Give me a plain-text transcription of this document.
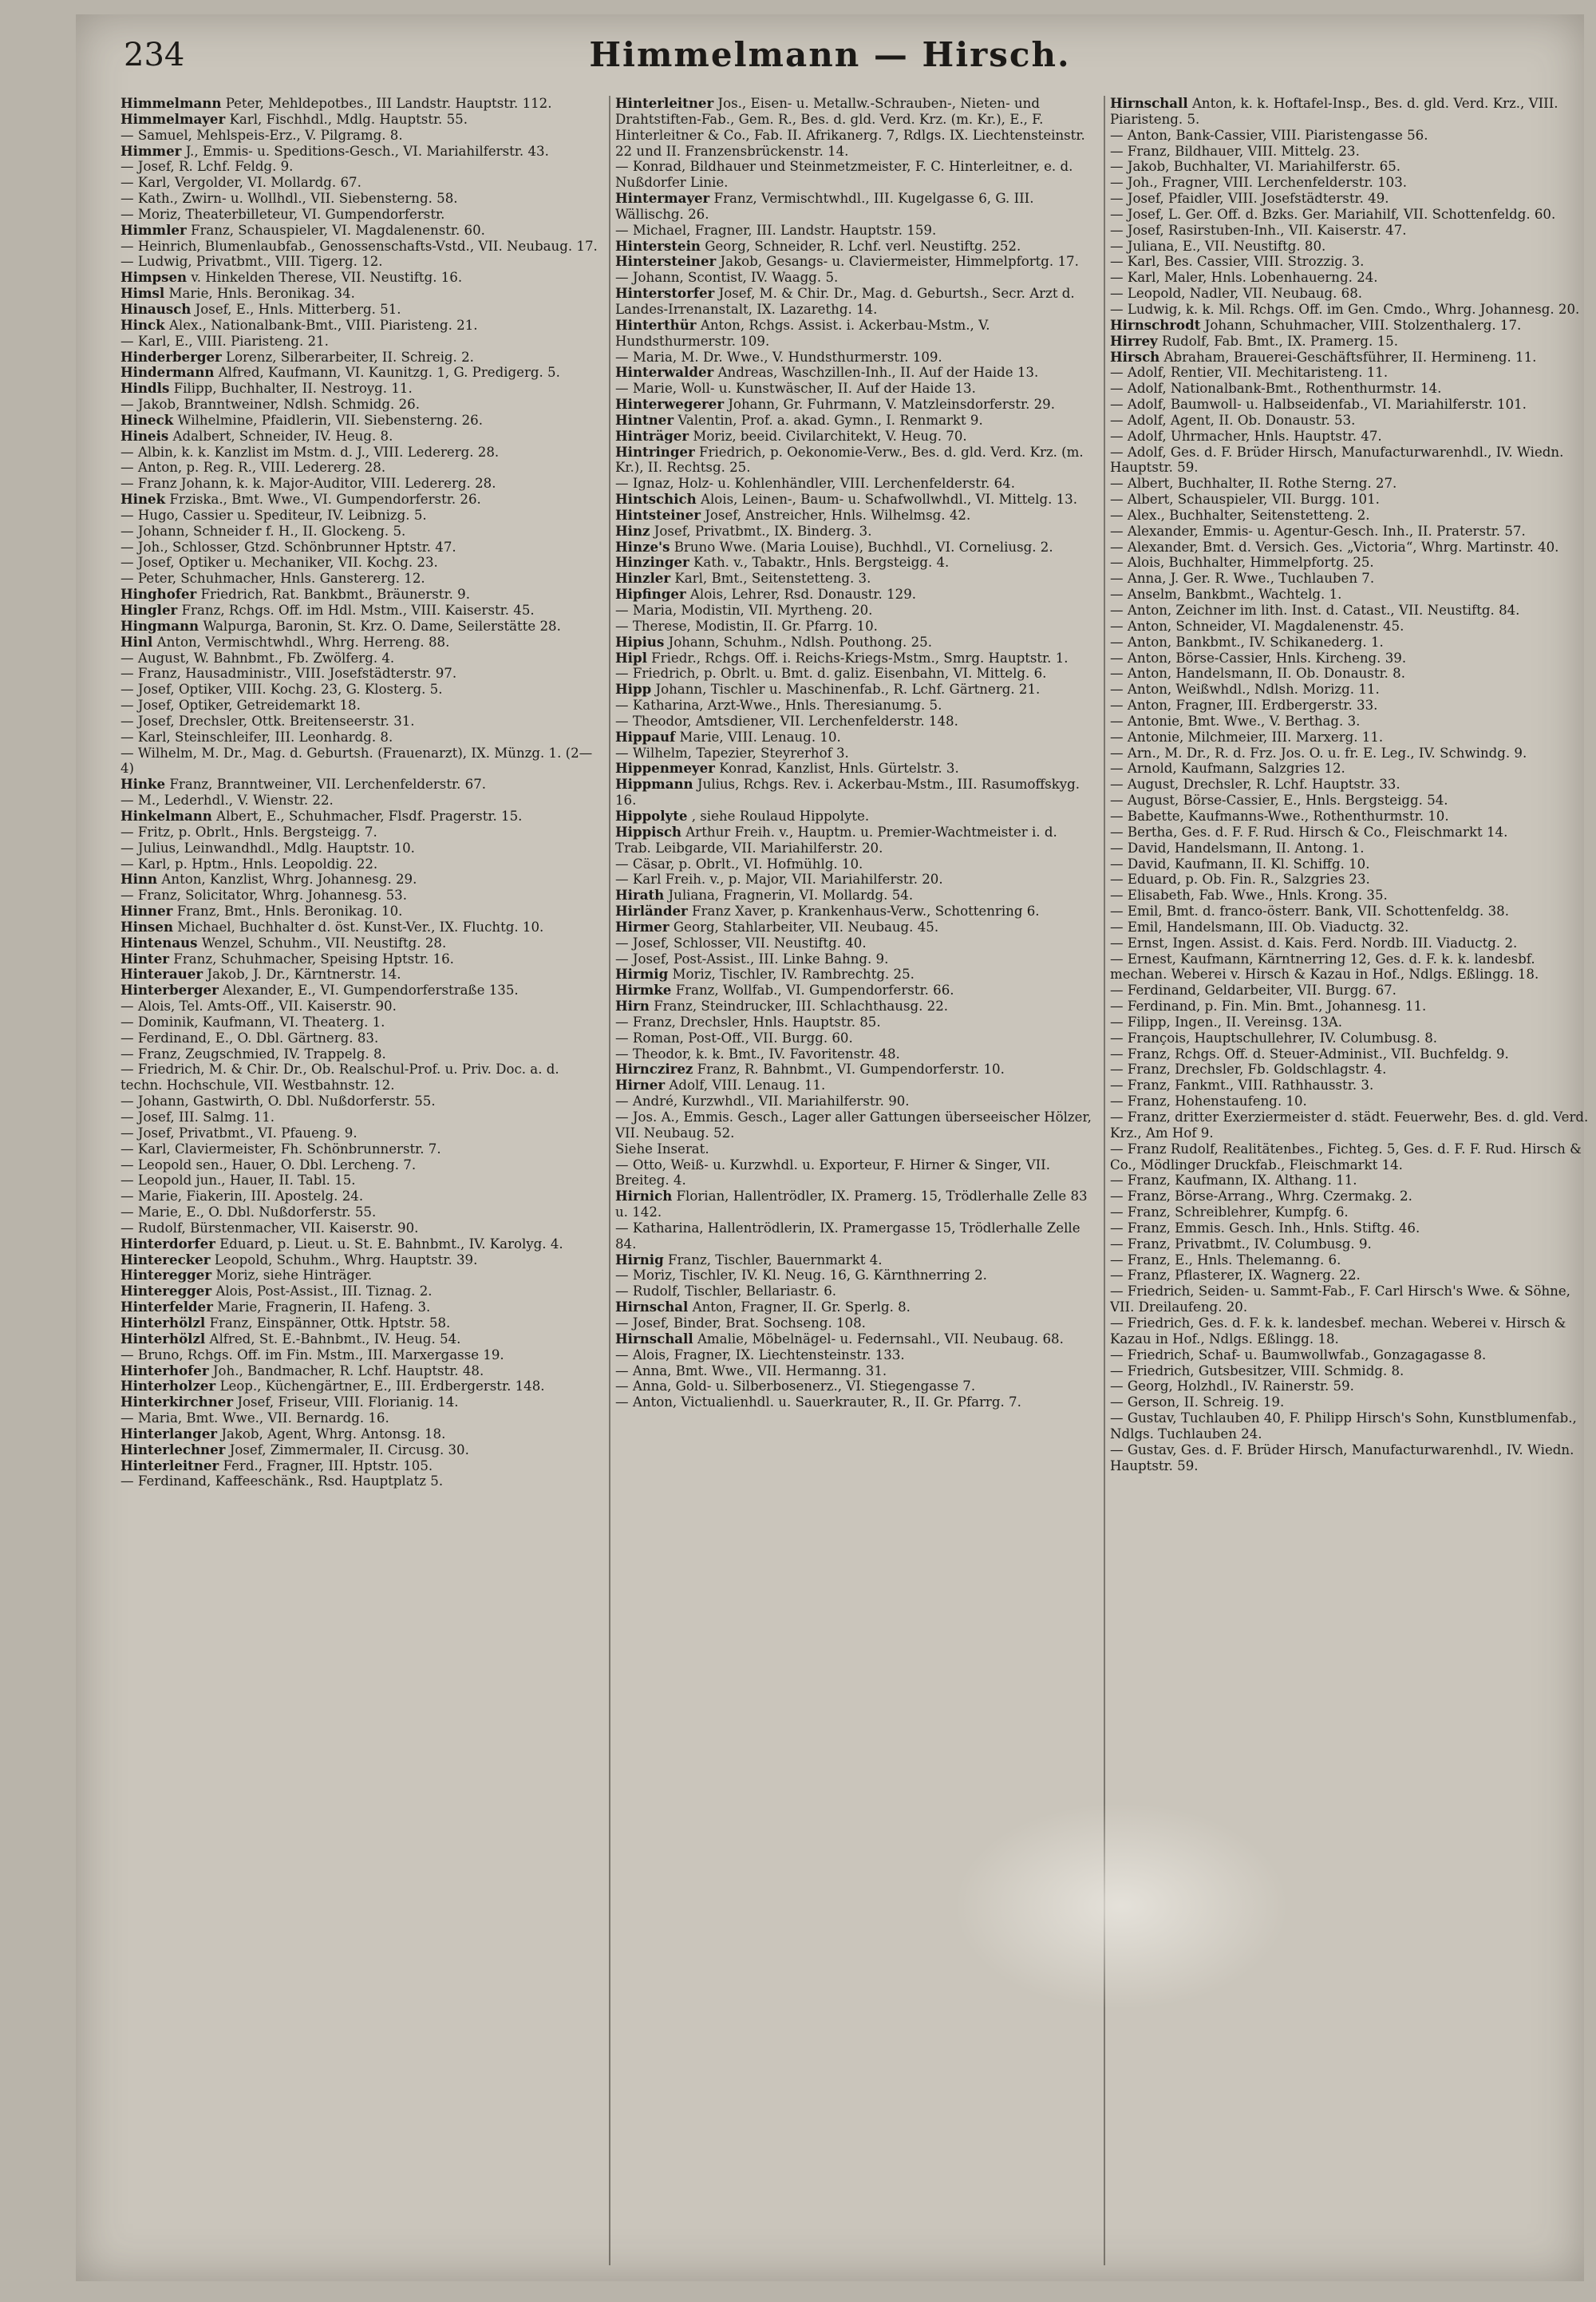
234	Himmelmann — Hirsch.

Himmelmann Peter, Mehldepotbes., III Landstr. Hauptstr. 112.

Himmelmayer Karl, Fischhdl., Mdlg. Hauptstr. 55.

— Samuel, Mehlspeis-Erz., V. Pilgramg. 8.

Himmer J., Emmis- u. Speditions-Gesch., VI. Mariahilferstr. 43.

— Josef, R. Lchf. Feldg. 9.

— Karl, Vergolder, VI. Mollardg. 67.

— Kath., Zwirn- u. Wollhdl., VII. Siebensterng. 58.

— Moriz, Theaterbilleteur, VI. Gumpendorferstr.

Himmler Franz, Schauspieler, VI. Magdalenenstr. 60.

— Heinrich, Blumenlaubfab., Genossenschafts-Vstd., VII. Neubaug. 17.

— Ludwig, Privatbmt., VIII. Tigerg. 12.

Himpsen v. Hinkelden Therese, VII. Neustiftg. 16.

Himsl Marie, Hnls. Beronikag. 34.

Hinausch Josef, E., Hnls. Mitterberg. 51.

Hinck Alex., Nationalbank-Bmt., VIII. Piaristeng. 21.

— Karl, E., VIII. Piaristeng. 21.

Hinderberger Lorenz, Silberarbeiter, II. Schreig. 2.

Hindermann Alfred, Kaufmann, VI. Kaunitzg. 1, G. Predigerg. 5.

Hindls Filipp, Buchhalter, II. Nestroyg. 11.

— Jakob, Branntweiner, Ndlsh. Schmidg. 26.

Hineck Wilhelmine, Pfaidlerin, VII. Siebensterng. 26.

Hineis Adalbert, Schneider, IV. Heug. 8.

— Albin, k. k. Kanzlist im Mstm. d. J., VIII. Ledererg. 28.

— Anton, p. Reg. R., VIII. Ledererg. 28.

— Franz Johann, k. k. Major-Auditor, VIII. Ledererg. 28.

Hinek Frziska., Bmt. Wwe., VI. Gumpendorferstr. 26.

— Hugo, Cassier u. Spediteur, IV. Leibnizg. 5.

— Johann, Schneider f. H., II. Glockeng. 5.

— Joh., Schlosser, Gtzd. Schönbrunner Hptstr. 47.

— Josef, Optiker u. Mechaniker, VII. Kochg. 23.

— Peter, Schuhmacher, Hnls. Ganstererg. 12.

Hinghofer Friedrich, Rat. Bankbmt., Bräunerstr. 9.

Hingler Franz, Rchgs. Off. im Hdl. Mstm., VIII. Kaiserstr. 45.

Hingmann Walpurga, Baronin, St. Krz. O. Dame, Seilerstätte 28.

Hinl Anton, Vermischtwhdl., Whrg. Herreng. 88.

— August, W. Bahnbmt., Fb. Zwölferg. 4.

— Franz, Hausadministr., VIII. Josefstädterstr. 97.

— Josef, Optiker, VIII. Kochg. 23, G. Klosterg. 5.

— Josef, Optiker, Getreidemarkt 18.

— Josef, Drechsler, Ottk. Breitenseerstr. 31.

— Karl, Steinschleifer, III. Leonhardg. 8.

— Wilhelm, M. Dr., Mag. d. Geburtsh. (Frauenarzt), IX. Münzg. 1. (2—4)

Hinke Franz, Branntweiner, VII. Lerchenfelderstr. 67.

— M., Lederhdl., V. Wienstr. 22.

Hinkelmann Albert, E., Schuhmacher, Flsdf. Pragerstr. 15.

— Fritz, p. Obrlt., Hnls. Bergsteigg. 7.

— Julius, Leinwandhdl., Mdlg. Hauptstr. 10.

— Karl, p. Hptm., Hnls. Leopoldig. 22.

Hinn Anton, Kanzlist, Whrg. Johannesg. 29.

— Franz, Solicitator, Whrg. Johannesg. 53.

Hinner Franz, Bmt., Hnls. Beronikag. 10.

Hinsen Michael, Buchhalter d. öst. Kunst-Ver., IX. Fluchtg. 10.

Hintenaus Wenzel, Schuhm., VII. Neustiftg. 28.

Hinter Franz, Schuhmacher, Speising Hptstr. 16.

Hinterauer Jakob, J. Dr., Kärntnerstr. 14.

Hinterberger Alexander, E., VI. Gumpendorferstraße 135.

— Alois, Tel. Amts-Off., VII. Kaiserstr. 90.

— Dominik, Kaufmann, VI. Theaterg. 1.

— Ferdinand, E., O. Dbl. Gärtnerg. 83.

— Franz, Zeugschmied, IV. Trappelg. 8.

— Friedrich, M. & Chir. Dr., Ob. Realschul-Prof. u. Priv. Doc. a. d. techn. Hochschule, VII. Westbahnstr. 12.

— Johann, Gastwirth, O. Dbl. Nußdorferstr. 55.

— Josef, III. Salmg. 11.

— Josef, Privatbmt., VI. Pfaueng. 9.

— Karl, Claviermeister, Fh. Schönbrunnerstr. 7.

— Leopold sen., Hauer, O. Dbl. Lercheng. 7.

— Leopold jun., Hauer, II. Tabl. 15.

— Marie, Fiakerin, III. Apostelg. 24.

— Marie, E., O. Dbl. Nußdorferstr. 55.

— Rudolf, Bürstenmacher, VII. Kaiserstr. 90.

Hinterdorfer Eduard, p. Lieut. u. St. E. Bahnbmt., IV. Karolyg. 4.

Hinterecker Leopold, Schuhm., Whrg. Hauptstr. 39.

Hinteregger Moriz, siehe Hinträger.

Hinteregger Alois, Post-Assist., III. Tiznag. 2.

Hinterfelder Marie, Fragnerin, II. Hafeng. 3.

Hinterhölzl Franz, Einspänner, Ottk. Hptstr. 58.

Hinterhölzl Alfred, St. E.-Bahnbmt., IV. Heug. 54.

— Bruno, Rchgs. Off. im Fin. Mstm., III. Marxergasse 19.

Hinterhofer Joh., Bandmacher, R. Lchf. Hauptstr. 48.

Hinterholzer Leop., Küchengärtner, E., III. Erdbergerstr. 148.

Hinterkirchner Josef, Friseur, VIII. Florianig. 14.

— Maria, Bmt. Wwe., VII. Bernardg. 16.

Hinterlanger Jakob, Agent, Whrg. Antonsg. 18.

Hinterlechner Josef, Zimmermaler, II. Circusg. 30.

Hinterleitner Ferd., Fragner, III. Hptstr. 105.

— Ferdinand, Kaffeeschänk., Rsd. Hauptplatz 5.

Hinterleitner Jos., Eisen- u. Metallw.-Schrauben-, Nieten- und Drahtstiften-Fab., Gem. R., Bes. d. gld. Verd. Krz. (m. Kr.), E., F. Hinterleitner & Co., Fab. II. Afrikanerg. 7, Rdlgs. IX. Liechtensteinstr. 22 und II. Franzensbrückenstr. 14.

— Konrad, Bildhauer und Steinmetzmeister, F. C. Hinterleitner, e. d. Nußdorfer Linie.

Hintermayer Franz, Vermischtwhdl., III. Kugelgasse 6, G. III. Wällischg. 26.

— Michael, Fragner, III. Landstr. Hauptstr. 159.

Hinterstein Georg, Schneider, R. Lchf. verl. Neustiftg. 252.

Hintersteiner Jakob, Gesangs- u. Claviermeister, Himmelpfortg. 17.

— Johann, Scontist, IV. Waagg. 5.

Hinterstorfer Josef, M. & Chir. Dr., Mag. d. Geburtsh., Secr. Arzt d. Landes-Irrenanstalt, IX. Lazarethg. 14.

Hinterthür Anton, Rchgs. Assist. i. Ackerbau-Mstm., V. Hundsthurmerstr. 109.

— Maria, M. Dr. Wwe., V. Hundsthurmerstr. 109.

Hinterwalder Andreas, Waschzillen-Inh., II. Auf der Haide 13.

— Marie, Woll- u. Kunstwäscher, II. Auf der Haide 13.

Hinterwegerer Johann, Gr. Fuhrmann, V. Matzleinsdorferstr. 29.

Hintner Valentin, Prof. a. akad. Gymn., I. Renmarkt 9.

Hinträger Moriz, beeid. Civilarchitekt, V. Heug. 70.

Hintringer Friedrich, p. Oekonomie-Verw., Bes. d. gld. Verd. Krz. (m. Kr.), II. Rechtsg. 25.

— Ignaz, Holz- u. Kohlenhändler, VIII. Lerchenfelderstr. 64.

Hintschich Alois, Leinen-, Baum- u. Schafwollwhdl., VI. Mittelg. 13.

Hintsteiner Josef, Anstreicher, Hnls. Wilhelmsg. 42.

Hinz Josef, Privatbmt., IX. Binderg. 3.

Hinze's Bruno Wwe. (Maria Louise), Buchhdl., VI. Corneliusg. 2.

Hinzinger Kath. v., Tabaktr., Hnls. Bergsteigg. 4.

Hinzler Karl, Bmt., Seitenstetteng. 3.

Hipfinger Alois, Lehrer, Rsd. Donaustr. 129.

— Maria, Modistin, VII. Myrtheng. 20.

— Therese, Modistin, II. Gr. Pfarrg. 10.

Hipius Johann, Schuhm., Ndlsh. Pouthong. 25.

Hipl Friedr., Rchgs. Off. i. Reichs-Kriegs-Mstm., Smrg. Hauptstr. 1.

— Friedrich, p. Obrlt. u. Bmt. d. galiz. Eisenbahn, VI. Mittelg. 6.

Hipp Johann, Tischler u. Maschinenfab., R. Lchf. Gärtnerg. 21.

— Katharina, Arzt-Wwe., Hnls. Theresianumg. 5.

— Theodor, Amtsdiener, VII. Lerchenfelderstr. 148.

Hippauf Marie, VIII. Lenaug. 10.

— Wilhelm, Tapezier, Steyrerhof 3.

Hippenmeyer Konrad, Kanzlist, Hnls. Gürtelstr. 3.

Hippmann Julius, Rchgs. Rev. i. Ackerbau-Mstm., III. Rasumoffskyg. 16.

Hippolyte , siehe Roulaud Hippolyte.

Hippisch Arthur Freih. v., Hauptm. u. Premier-Wachtmeister i. d. Trab. Leibgarde, VII. Mariahilferstr. 20.

— Cäsar, p. Obrlt., VI. Hofmühlg. 10.

— Karl Freih. v., p. Major, VII. Mariahilferstr. 20.

Hirath Juliana, Fragnerin, VI. Mollardg. 54.

Hirländer Franz Xaver, p. Krankenhaus-Verw., Schottenring 6.

Hirmer Georg, Stahlarbeiter, VII. Neubaug. 45.

— Josef, Schlosser, VII. Neustiftg. 40.

— Josef, Post-Assist., III. Linke Bahng. 9.

Hirmig Moriz, Tischler, IV. Rambrechtg. 25.

Hirmke Franz, Wollfab., VI. Gumpendorferstr. 66.

Hirn Franz, Steindrucker, III. Schlachthausg. 22.

— Franz, Drechsler, Hnls. Hauptstr. 85.

— Roman, Post-Off., VII. Burgg. 60.

— Theodor, k. k. Bmt., IV. Favoritenstr. 48.

Hirnczirez Franz, R. Bahnbmt., VI. Gumpendorferstr. 10.

Hirner Adolf, VIII. Lenaug. 11.

— André, Kurzwhdl., VII. Mariahilferstr. 90.

— Jos. A., Emmis. Gesch., Lager aller Gattungen überseeischer Hölzer, VII. Neubaug. 52.

Siehe Inserat.

— Otto, Weiß- u. Kurzwhdl. u. Exporteur, F. Hirner & Singer, VII. Breiteg. 4.

Hirnich Florian, Hallentrödler, IX. Pramerg. 15, Trödlerhalle Zelle 83 u. 142.

— Katharina, Hallentrödlerin, IX. Pramergasse 15, Trödlerhalle Zelle 84.

Hirnig Franz, Tischler, Bauernmarkt 4.

— Moriz, Tischler, IV. Kl. Neug. 16, G. Kärnthnerring 2.

— Rudolf, Tischler, Bellariastr. 6.

Hirnschal Anton, Fragner, II. Gr. Sperlg. 8.

— Josef, Binder, Brat. Sochseng. 108.

Hirnschall Amalie, Möbelnägel- u. Federnsahl., VII. Neubaug. 68.

— Alois, Fragner, IX. Liechtensteinstr. 133.

— Anna, Bmt. Wwe., VII. Hermanng. 31.

— Anna, Gold- u. Silberbosenerz., VI. Stiegengasse 7.

— Anton, Victualienhdl. u. Sauerkrauter, R., II. Gr. Pfarrg. 7.

Hirnschall Anton, k. k. Hoftafel-Insp., Bes. d. gld. Verd. Krz., VIII. Piaristeng. 5.

— Anton, Bank-Cassier, VIII. Piaristengasse 56.

— Franz, Bildhauer, VIII. Mittelg. 23.

— Jakob, Buchhalter, VI. Mariahilferstr. 65.

— Joh., Fragner, VIII. Lerchenfelderstr. 103.

— Josef, Pfaidler, VIII. Josefstädterstr. 49.

— Josef, L. Ger. Off. d. Bzks. Ger. Mariahilf, VII. Schottenfeldg. 60.

— Josef, Rasirstuben-Inh., VII. Kaiserstr. 47.

— Juliana, E., VII. Neustiftg. 80.

— Karl, Bes. Cassier, VIII. Strozzig. 3.

— Karl, Maler, Hnls. Lobenhauerng. 24.

— Leopold, Nadler, VII. Neubaug. 68.

— Ludwig, k. k. Mil. Rchgs. Off. im Gen. Cmdo., Whrg. Johannesg. 20.

Hirnschrodt Johann, Schuhmacher, VIII. Stolzenthalerg. 17.

Hirrey Rudolf, Fab. Bmt., IX. Pramerg. 15.

Hirsch Abraham, Brauerei-Geschäftsführer, II. Hermineng. 11.

— Adolf, Rentier, VII. Mechitaristeng. 11.

— Adolf, Nationalbank-Bmt., Rothenthurmstr. 14.

— Adolf, Baumwoll- u. Halbseidenfab., VI. Mariahilferstr. 101.

— Adolf, Agent, II. Ob. Donaustr. 53.

— Adolf, Uhrmacher, Hnls. Hauptstr. 47.

— Adolf, Ges. d. F. Brüder Hirsch, Manufacturwarenhdl., IV. Wiedn. Hauptstr. 59.

— Albert, Buchhalter, II. Rothe Sterng. 27.

— Albert, Schauspieler, VII. Burgg. 101.

— Alex., Buchhalter, Seitenstetteng. 2.

— Alexander, Emmis- u. Agentur-Gesch. Inh., II. Praterstr. 57.

— Alexander, Bmt. d. Versich. Ges. „Victoria“, Whrg. Martinstr. 40.

— Alois, Buchhalter, Himmelpfortg. 25.

— Anna, J. Ger. R. Wwe., Tuchlauben 7.

— Anselm, Bankbmt., Wachtelg. 1.

— Anton, Zeichner im lith. Inst. d. Catast., VII. Neustiftg. 84.

— Anton, Schneider, VI. Magdalenenstr. 45.

— Anton, Bankbmt., IV. Schikanederg. 1.

— Anton, Börse-Cassier, Hnls. Kircheng. 39.

— Anton, Handelsmann, II. Ob. Donaustr. 8.

— Anton, Weißwhdl., Ndlsh. Morizg. 11.

— Anton, Fragner, III. Erdbergerstr. 33.

— Antonie, Bmt. Wwe., V. Berthag. 3.

— Antonie, Milchmeier, III. Marxerg. 11.

— Arn., M. Dr., R. d. Frz. Jos. O. u. fr. E. Leg., IV. Schwindg. 9.

— Arnold, Kaufmann, Salzgries 12.

— August, Drechsler, R. Lchf. Hauptstr. 33.

— August, Börse-Cassier, E., Hnls. Bergsteigg. 54.

— Babette, Kaufmanns-Wwe., Rothenthurmstr. 10.

— Bertha, Ges. d. F. F. Rud. Hirsch & Co., Fleischmarkt 14.

— David, Handelsmann, II. Antong. 1.

— David, Kaufmann, II. Kl. Schiffg. 10.

— Eduard, p. Ob. Fin. R., Salzgries 23.

— Elisabeth, Fab. Wwe., Hnls. Krong. 35.

— Emil, Bmt. d. franco-österr. Bank, VII. Schottenfeldg. 38.

— Emil, Handelsmann, III. Ob. Viaductg. 32.

— Ernst, Ingen. Assist. d. Kais. Ferd. Nordb. III. Viaductg. 2.

— Ernest, Kaufmann, Kärntnerring 12, Ges. d. F. k. k. landesbf. mechan. Weberei v. Hirsch & Kazau in Hof., Ndlgs. Eßlingg. 18.

— Ferdinand, Geldarbeiter, VII. Burgg. 67.

— Ferdinand, p. Fin. Min. Bmt., Johannesg. 11.

— Filipp, Ingen., II. Vereinsg. 13A.

— François, Hauptschullehrer, IV. Columbusg. 8.

— Franz, Rchgs. Off. d. Steuer-Administ., VII. Buchfeldg. 9.

— Franz, Drechsler, Fb. Goldschlagstr. 4.

— Franz, Fankmt., VIII. Rathhausstr. 3.

— Franz, Hohenstaufeng. 10.

— Franz, dritter Exerziermeister d. städt. Feuerwehr, Bes. d. gld. Verd. Krz., Am Hof 9.

— Franz Rudolf, Realitätenbes., Fichteg. 5, Ges. d. F. F. Rud. Hirsch & Co., Mödlinger Druckfab., Fleischmarkt 14.

— Franz, Kaufmann, IX. Althang. 11.

— Franz, Börse-Arrang., Whrg. Czermakg. 2.

— Franz, Schreiblehrer, Kumpfg. 6.

— Franz, Emmis. Gesch. Inh., Hnls. Stiftg. 46.

— Franz, Privatbmt., IV. Columbusg. 9.

— Franz, E., Hnls. Thelemanng. 6.

— Franz, Pflasterer, IX. Wagnerg. 22.

— Friedrich, Seiden- u. Sammt-Fab., F. Carl Hirsch's Wwe. & Söhne, VII. Dreilaufeng. 20.

— Friedrich, Ges. d. F. k. k. landesbef. mechan. Weberei v. Hirsch & Kazau in Hof., Ndlgs. Eßlingg. 18.

— Friedrich, Schaf- u. Baumwollwfab., Gonzagagasse 8.

— Friedrich, Gutsbesitzer, VIII. Schmidg. 8.

— Georg, Holzhdl., IV. Rainerstr. 59.

— Gerson, II. Schreig. 19.

— Gustav, Tuchlauben 40, F. Philipp Hirsch's Sohn, Kunstblumenfab., Ndlgs. Tuchlauben 24.

— Gustav, Ges. d. F. Brüder Hirsch, Manufacturwarenhdl., IV. Wiedn. Hauptstr. 59.
